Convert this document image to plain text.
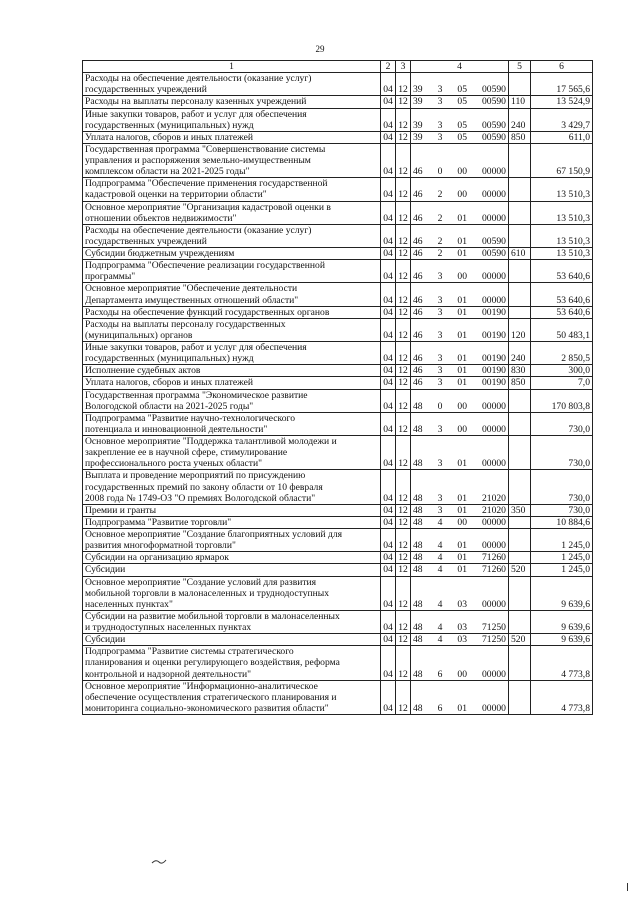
29
1	2	3	4	5	6
Расходы на обеспечение деятельности (оказание услуг)
государственных учреждений	04	12	39 3 05 00590		17 565,6
Расходы на выплаты персоналу казенных учреждений	04	12	39 3 05 00590	110	13 524,9
Иные закупки товаров, работ и услуг для обеспечения
государственных (муниципальных) нужд	04	12	39 3 05 00590	240	3 429,7
Уплата налогов, сборов и иных платежей	04	12	39 3 05 00590	850	611,0
Государственная программа "Совершенствование системы
управления и распоряжения земельно-имущественным
комплексом области на 2021-2025 годы"	04	12	46 0 00 00000		67 150,9
Подпрограмма "Обеспечение применения государственной
кадастровой оценки на территории области"	04	12	46 2 00 00000		13 510,3
Основное мероприятие "Организация кадастровой оценки в
отношении объектов недвижимости"	04	12	46 2 01 00000		13 510,3
Расходы на обеспечение деятельности (оказание услуг)
государственных учреждений	04	12	46 2 01 00590		13 510,3
Субсидии бюджетным учреждениям	04	12	46 2 01 00590	610	13 510,3
Подпрограмма "Обеспечение реализации государственной
программы"	04	12	46 3 00 00000		53 640,6
Основное мероприятие "Обеспечение деятельности
Департамента имущественных отношений области"	04	12	46 3 01 00000		53 640,6
Расходы на обеспечение функций государственных органов	04	12	46 3 01 00190		53 640,6
Расходы на выплаты персоналу государственных
(муниципальных) органов	04	12	46 3 01 00190	120	50 483,1
Иные закупки товаров, работ и услуг для обеспечения
государственных (муниципальных) нужд	04	12	46 3 01 00190	240	2 850,5
Исполнение судебных актов	04	12	46 3 01 00190	830	300,0
Уплата налогов, сборов и иных платежей	04	12	46 3 01 00190	850	7,0
Государственная программа "Экономическое развитие
Вологодской области на 2021-2025 годы"	04	12	48 0 00 00000		170 803,8
Подпрограмма "Развитие научно-технологического
потенциала и инновационной деятельности"	04	12	48 3 00 00000		730,0
Основное мероприятие "Поддержка талантливой молодежи и
закрепление ее в научной сфере, стимулирование
профессионального роста ученых области"	04	12	48 3 01 00000		730,0
Выплата и проведение мероприятий по присуждению
государственных премий по закону области от 10 февраля
2008 года № 1749-ОЗ "О премиях Вологодской области"	04	12	48 3 01 21020		730,0
Премии и гранты	04	12	48 3 01 21020	350	730,0
Подпрограмма "Развитие торговли"	04	12	48 4 00 00000		10 884,6
Основное мероприятие "Создание благоприятных условий для
развития многоформатной торговли"	04	12	48 4 01 00000		1 245,0
Субсидии на организацию ярмарок	04	12	48 4 01 71260		1 245,0
Субсидии	04	12	48 4 01 71260	520	1 245,0
Основное мероприятие "Создание условий для развития
мобильной торговли в малонаселенных и труднодоступных
населенных пунктах"	04	12	48 4 03 00000		9 639,6
Субсидии на развитие мобильной торговли в малонаселенных
и труднодоступных населенных пунктах	04	12	48 4 03 71250		9 639,6
Субсидии	04	12	48 4 03 71250	520	9 639,6
Подпрограмма "Развитие системы стратегического
планирования и оценки регулирующего воздействия, реформа
контрольной и надзорной деятельности"	04	12	48 6 00 00000		4 773,8
Основное мероприятие "Информационно-аналитическое
обеспечение осуществления стратегического планирования и
мониторинга социально-экономического развития области"	04	12	48 6 01 00000		4 773,8
